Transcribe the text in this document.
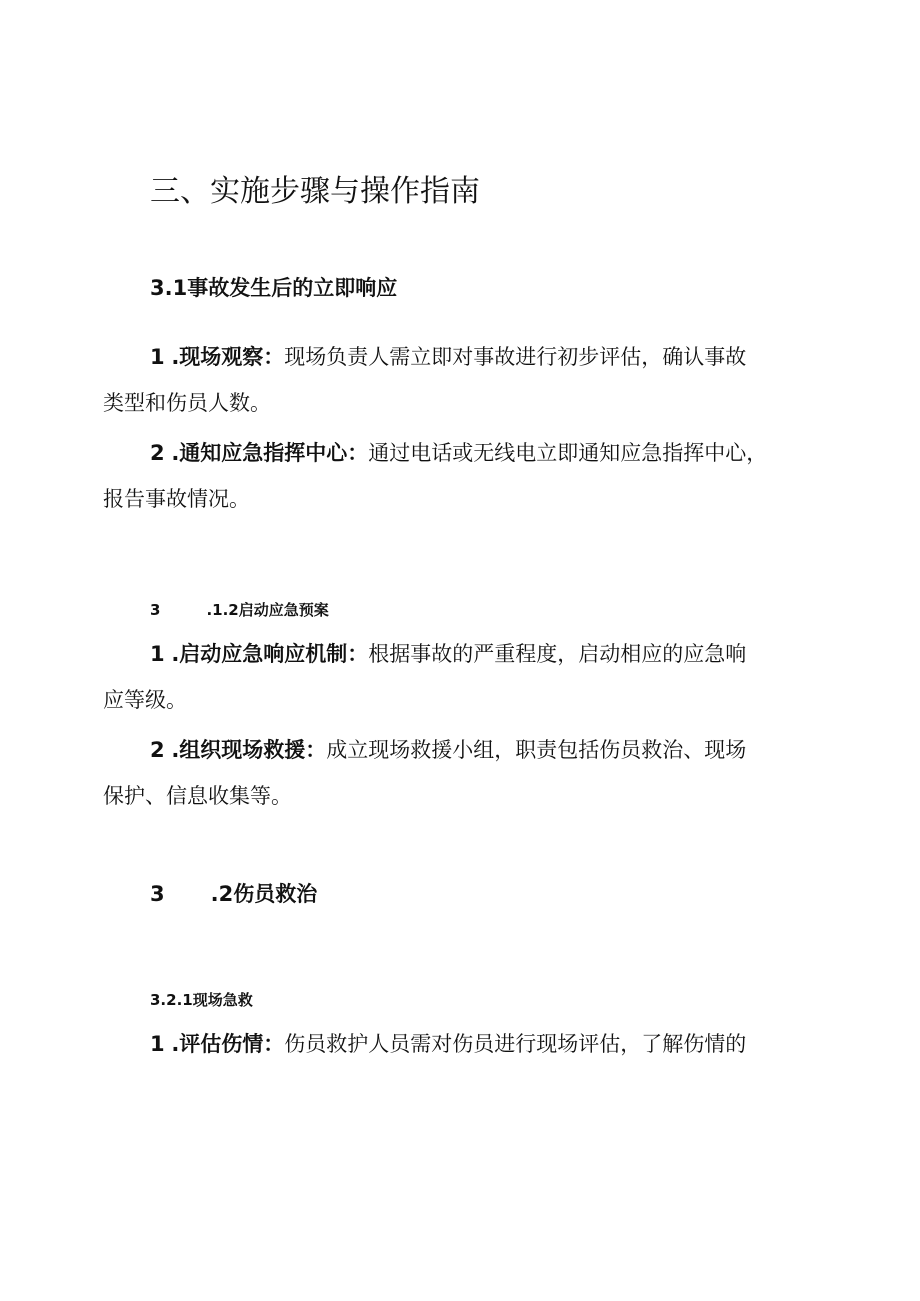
三、实施步骤与操作指南
3.1事故发生后的立即响应
1 .现场观察：现场负责人需立即对事故进行初步评估，确认事故
类型和伤员人数。
2 .通知应急指挥中心：通过电话或无线电立即通知应急指挥中心，
报告事故情况。
3	.1.2启动应急预案
1 .启动应急响应机制：根据事故的严重程度，启动相应的应急响
应等级。
2 .组织现场救援：成立现场救援小组，职责包括伤员救治、现场
保护、信息收集等。
3 .2伤员救治
3.2.1现场急救
1 .评估伤情：伤员救护人员需对伤员进行现场评估，了解伤情的
